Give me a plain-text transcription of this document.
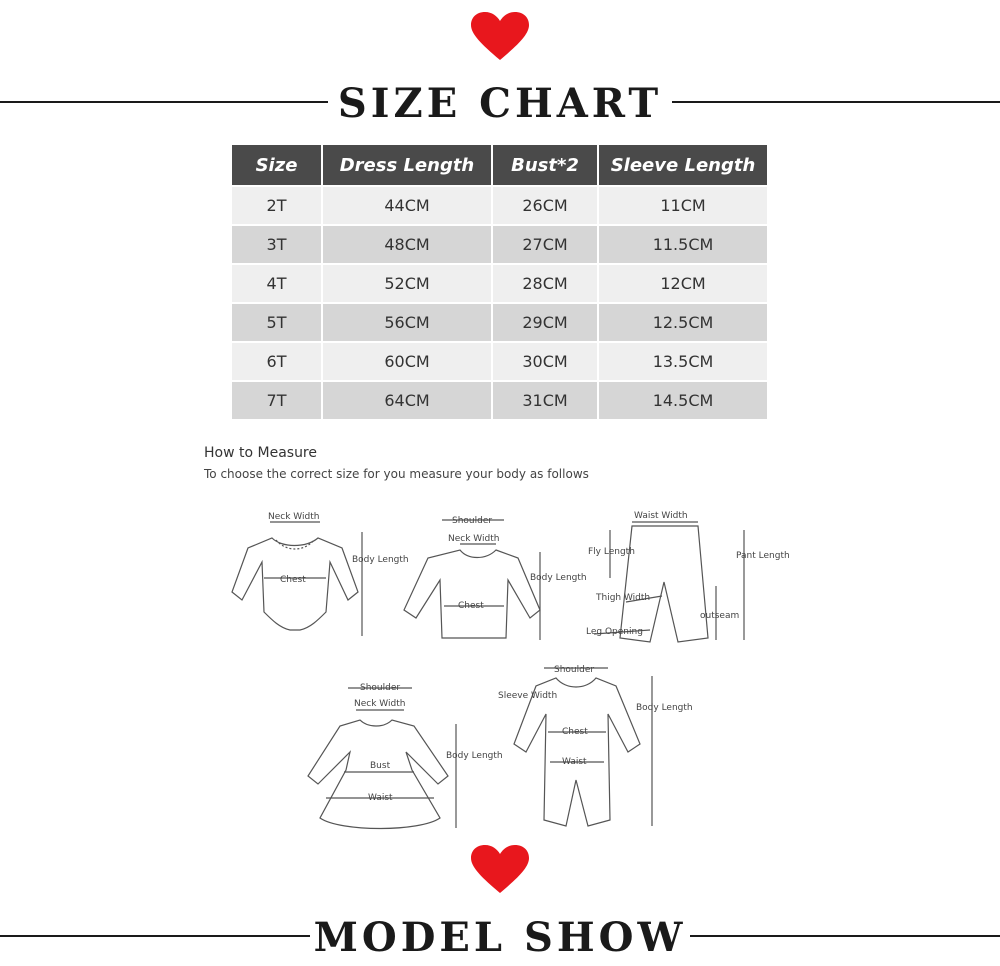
SIZE CHART
Size	Dress Length	Bust*2	Sleeve Length
2T	44CM	26CM	11CM
3T	48CM	27CM	11.5CM
4T	52CM	28CM	12CM
5T	56CM	29CM	12.5CM
6T	60CM	30CM	13.5CM
7T	64CM	31CM	14.5CM
How to Measure
To choose the correct size for you measure your body as follows
Neck Width
Body Length
Chest
Shoulder
Neck Width
Body Length
Chest
Waist Width
Fly Length	Pant Length
Thigh Width
outseam
Leg Opening
Shoulder
Neck Width
Body Length
Bust
Waist
Shoulder
Sleeve Width
Body Length
Chest
Waist
MODEL SHOW
